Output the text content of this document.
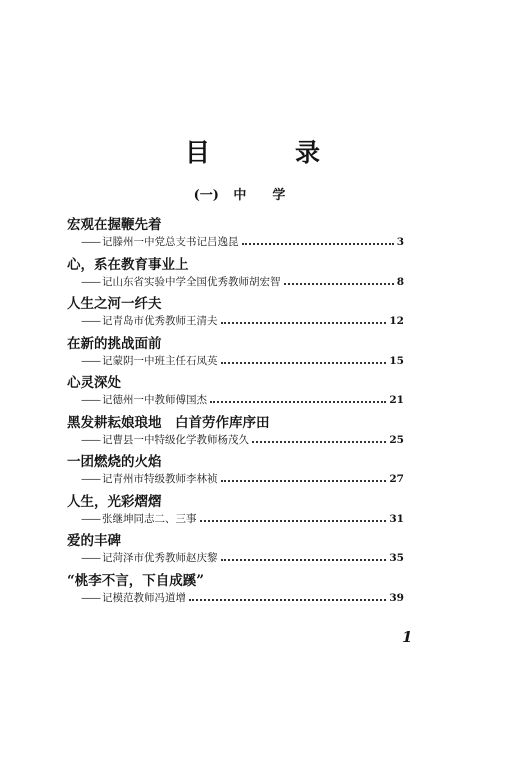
目　录
(一) 中学
宏观在握鞭先着
—— 记滕州一中党总支书记吕逸昆	3
心，系在教育事业上
—— 记山东省实验中学全国优秀教师胡宏智	8
人生之河一纤夫
—— 记青岛市优秀教师王清夫	12
在新的挑战面前
—— 记蒙阴一中班主任石凤英	15
心灵深处
—— 记德州一中教师傅国杰	21
黑发耕耘娘琅地　白首劳作库序田
—— 记曹县一中特级化学教师杨茂久	25
一团燃烧的火焰
—— 记青州市特级教师李林祯	27
人生，光彩熠熠
—— 张继坤同志二、三事	31
爱的丰碑
—— 记菏泽市优秀教师赵庆黎	35
“桃李不言，下自成蹊”
—— 记模范教师冯道增	39
1
